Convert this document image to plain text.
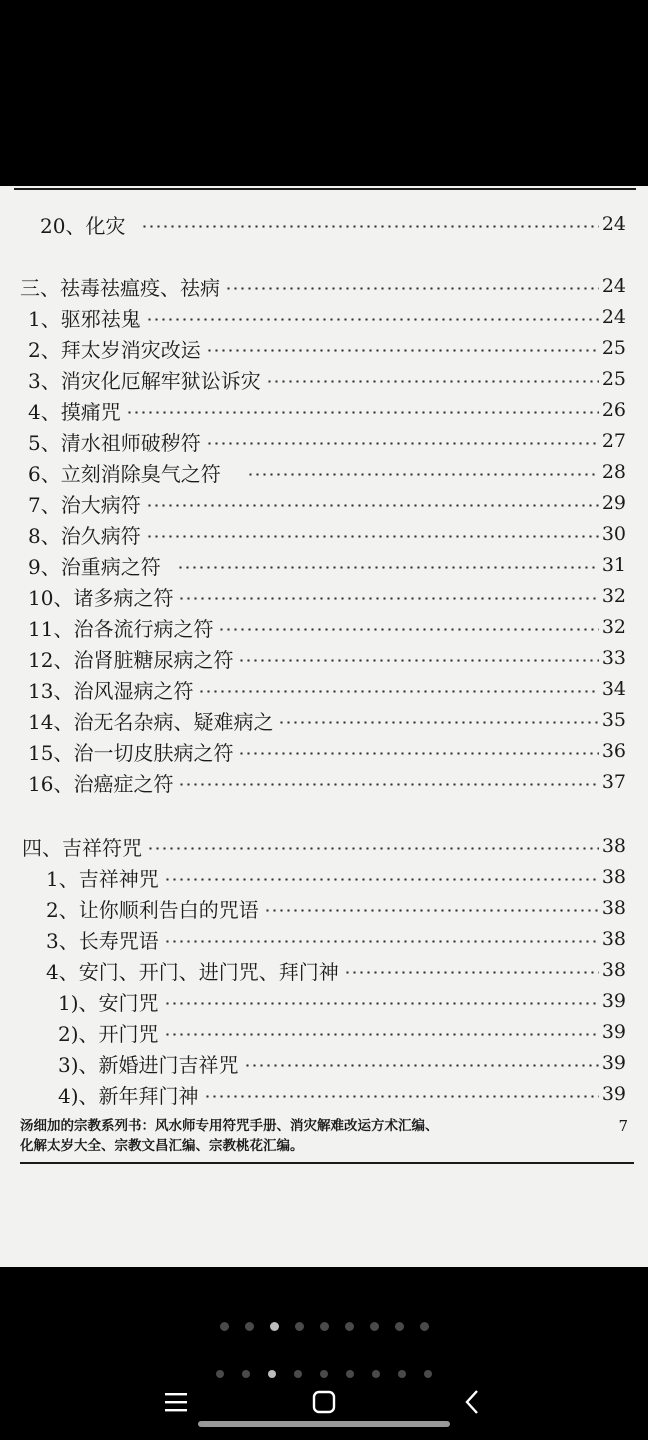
20、化灾	24
三、祛毒祛瘟疫、祛病	24
1、驱邪祛鬼	24
2、拜太岁消灾改运	25
3、消灾化厄解牢狱讼诉灾	25
4、摸痛咒	26
5、清水祖师破秽符	27
6、立刻消除臭气之符	28
7、治大病符	29
8、治久病符	30
9、治重病之符	31
10、诸多病之符	32
11、治各流行病之符	32
12、治肾脏糖尿病之符	33
13、治风湿病之符	34
14、治无名杂病、疑难病之	35
15、治一切皮肤病之符	36
16、治癌症之符	37
四、吉祥符咒	38
1、吉祥神咒	38
2、让你顺利告白的咒语	38
3、长寿咒语	38
4、安门、开门、进门咒、拜门神	38
1)、安门咒	39
2)、开门咒	39
3)、新婚进门吉祥咒	39
4)、新年拜门神	39
汤细加的宗教系列书：风水师专用符咒手册、消灾解难改运方术汇编、
化解太岁大全、宗教文昌汇编、宗教桃花汇编。
7
